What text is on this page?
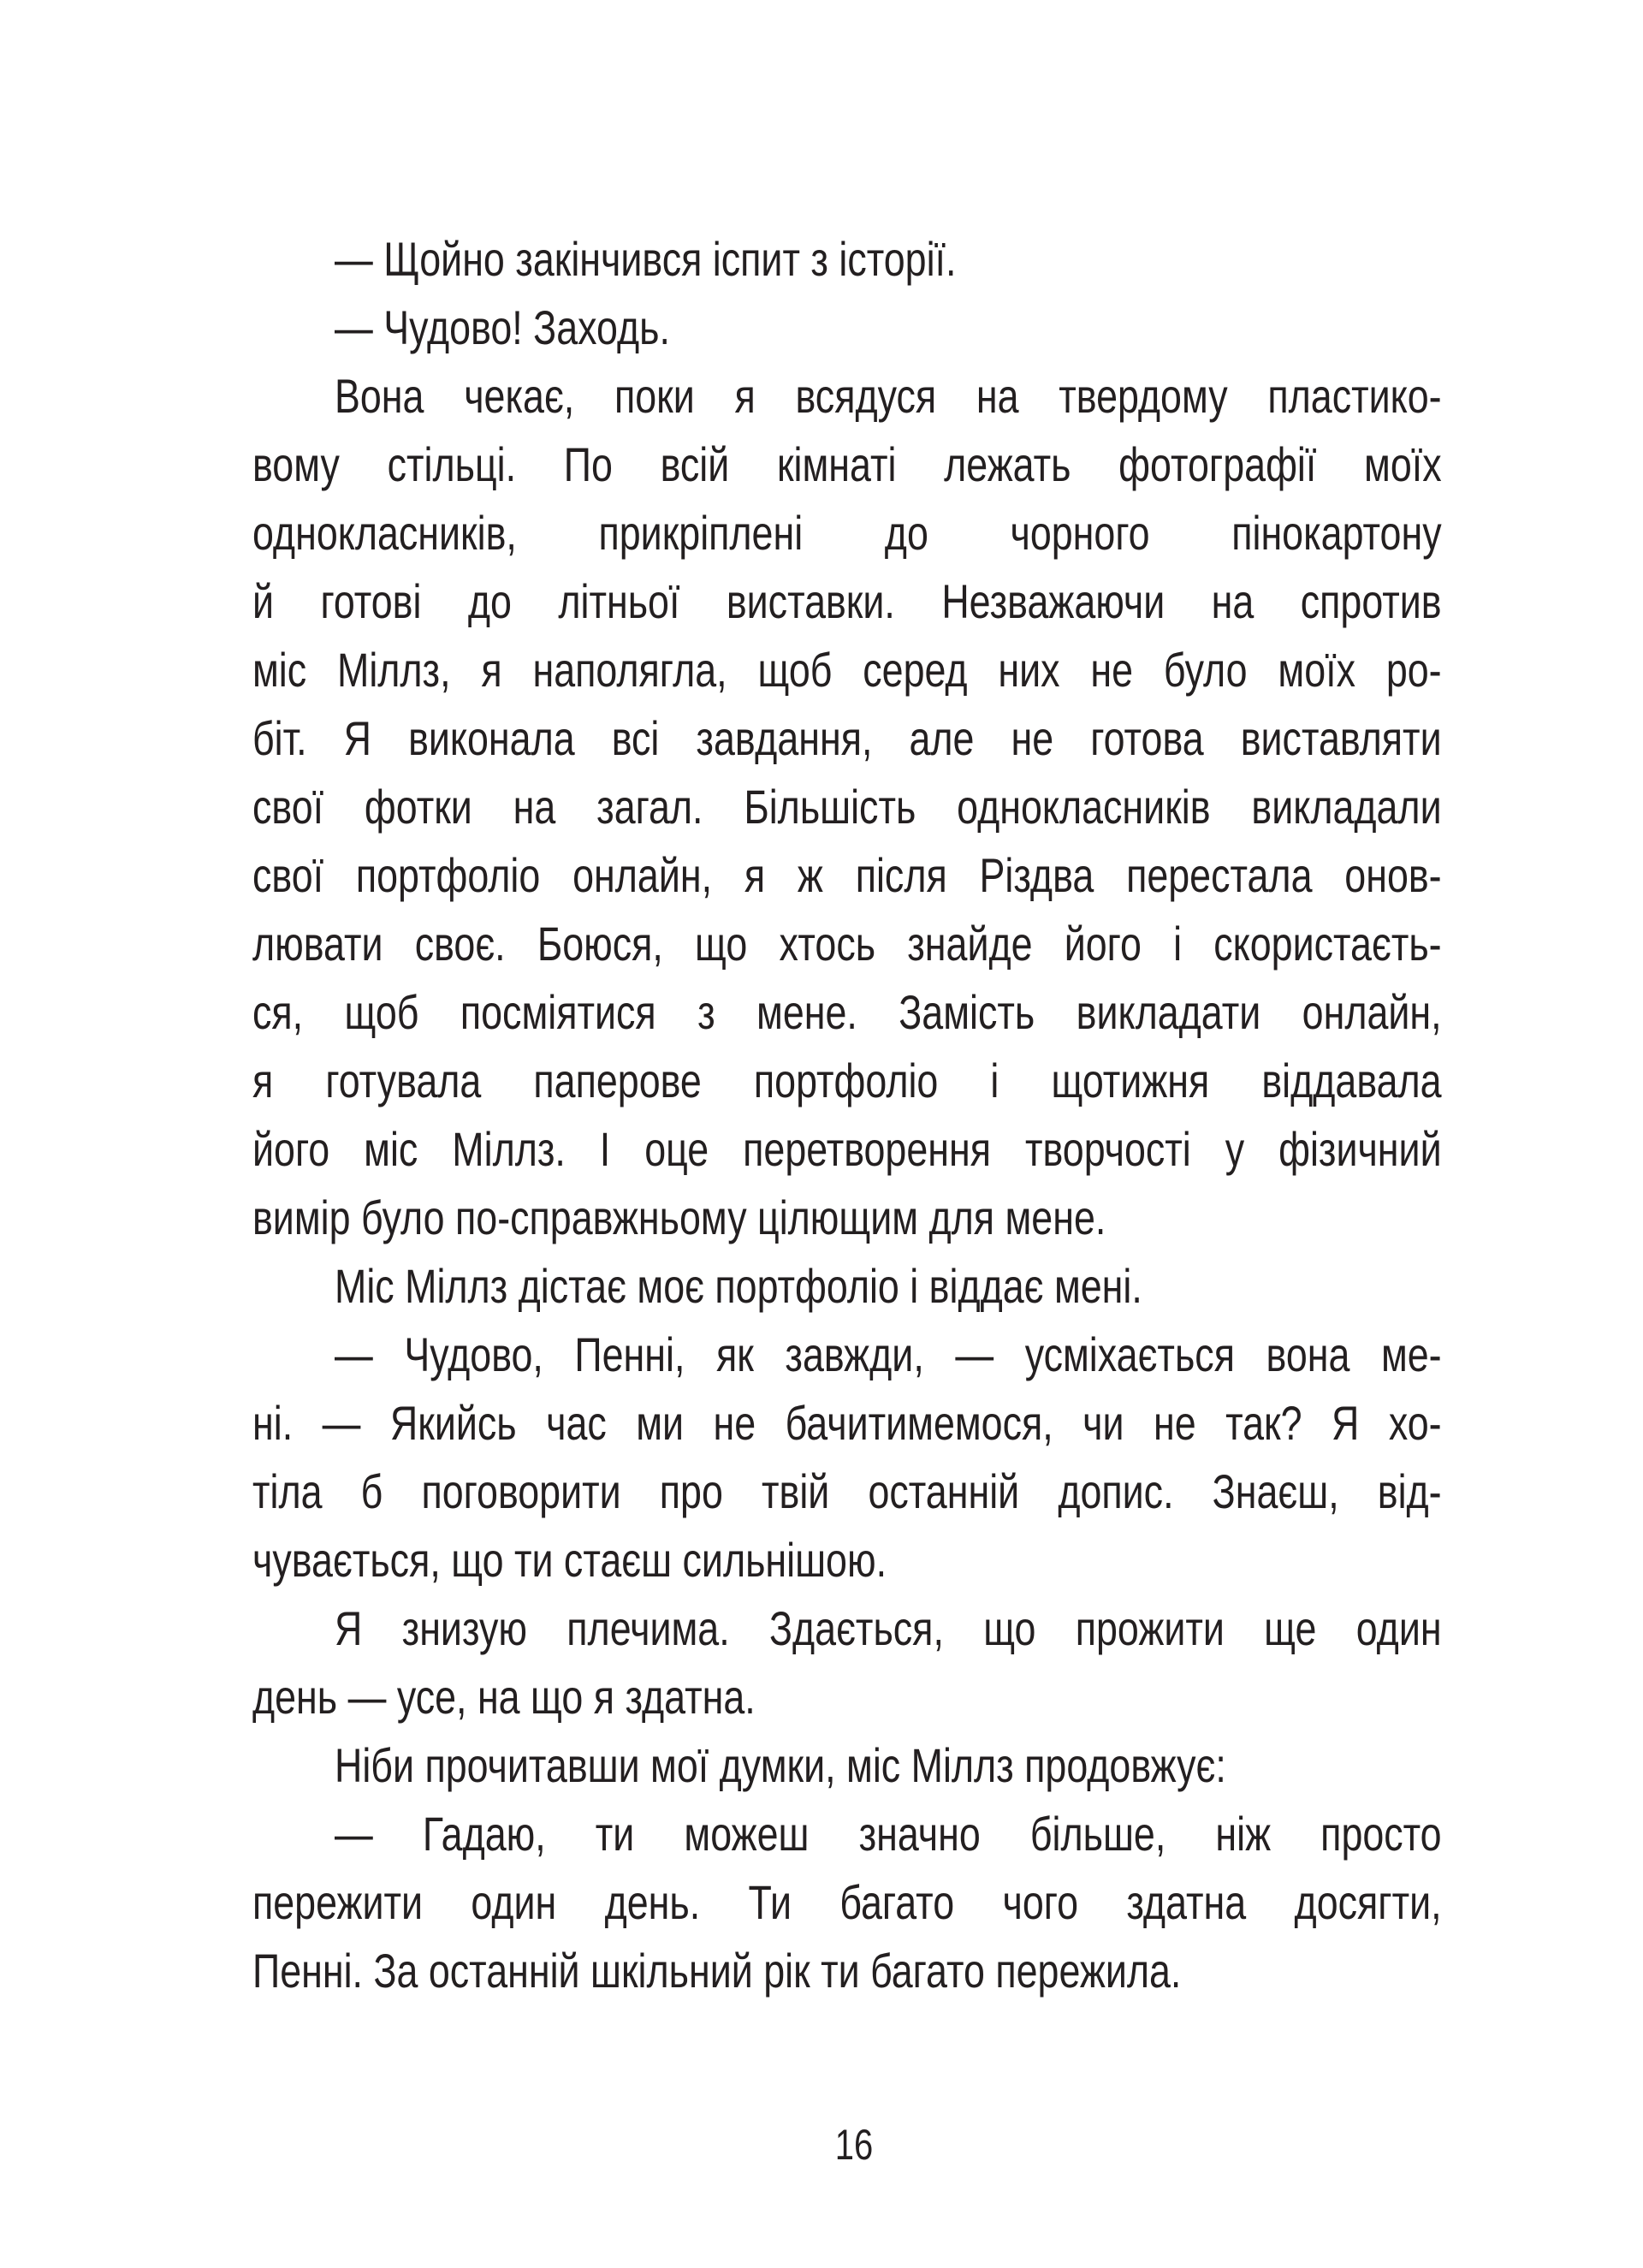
— Щойно закінчився іспит з історії.
— Чудово! Заходь.
Вона чекає, поки я всядуся на твердому пластико-
вому стільці. По всій кімнаті лежать фотографії моїх
однокласників, прикріплені до чорного пінокартону
й готові до літньої виставки. Незважаючи на спротив
міс Міллз, я наполягла, щоб серед них не було моїх ро-
біт. Я виконала всі завдання, але не готова виставляти
свої фотки на загал. Більшість однокласників викладали
свої портфоліо онлайн, я ж після Різдва перестала онов-
лювати своє. Боюся, що хтось знайде його і скористаєть-
ся, щоб посміятися з мене. Замість викладати онлайн,
я готувала паперове портфоліо і щотижня віддавала
його міс Міллз. І оце перетворення творчості у фізичний
вимір було по-справжньому цілющим для мене.
Міс Міллз дістає моє портфоліо і віддає мені.
— Чудово, Пенні, як завжди, — усміхається вона ме-
ні. — Якийсь час ми не бачитимемося, чи не так? Я хо-
тіла б поговорити про твій останній допис. Знаєш, від-
чувається, що ти стаєш сильнішою.
Я знизую плечима. Здається, що прожити ще один
день — усе, на що я здатна.
Ніби прочитавши мої думки, міс Міллз продовжує:
— Гадаю, ти можеш значно більше, ніж просто
пережити один день. Ти багато чого здатна досягти,
Пенні. За останній шкільний рік ти багато пережила.
16
